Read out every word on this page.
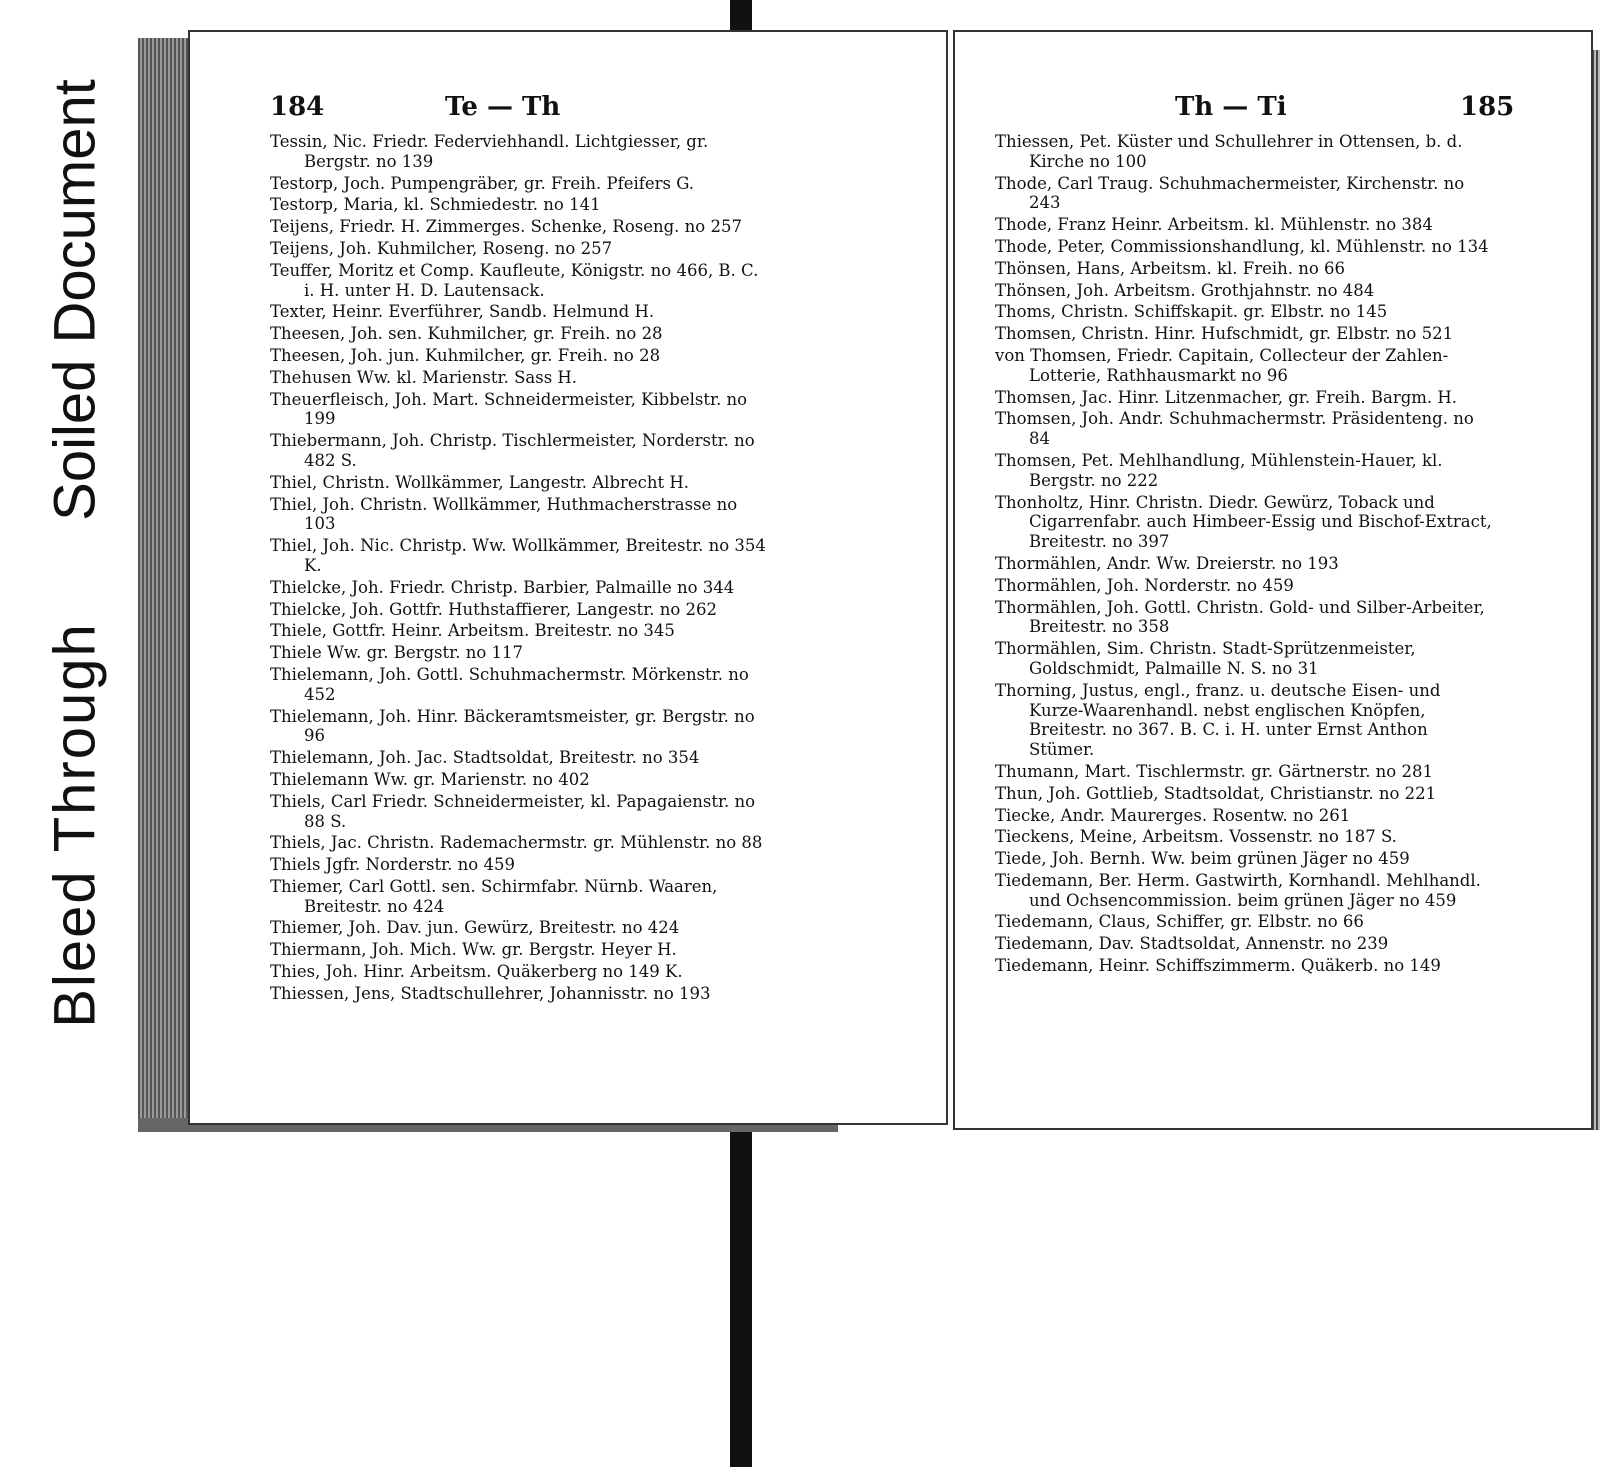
Soiled Document
Bleed Through
184	Te — Th
Tessin, Nic. Friedr. Federviehhandl. Lichtgiesser, gr. Bergstr. no 139
Testorp, Joch. Pumpengräber, gr. Freih. Pfeifers G.
Testorp, Maria, kl. Schmiedestr. no 141
Teijens, Friedr. H. Zimmerges. Schenke, Roseng. no 257
Teijens, Joh. Kuhmilcher, Roseng. no 257
Teuffer, Moritz et Comp. Kaufleute, Königstr. no 466, B. C. i. H. unter H. D. Lautensack.
Texter, Heinr. Everführer, Sandb. Helmund H.
Theesen, Joh. sen. Kuhmilcher, gr. Freih. no 28
Theesen, Joh. jun. Kuhmilcher, gr. Freih. no 28
Thehusen Ww. kl. Marienstr. Sass H.
Theuerfleisch, Joh. Mart. Schneidermeister, Kibbelstr. no 199
Thiebermann, Joh. Christp. Tischlermeister, Norderstr. no 482 S.
Thiel, Christn. Wollkämmer, Langestr. Albrecht H.
Thiel, Joh. Christn. Wollkämmer, Huthmacherstrasse no 103
Thiel, Joh. Nic. Christp. Ww. Wollkämmer, Breitestr. no 354 K.
Thielcke, Joh. Friedr. Christp. Barbier, Palmaille no 344
Thielcke, Joh. Gottfr. Huthstaffierer, Langestr. no 262
Thiele, Gottfr. Heinr. Arbeitsm. Breitestr. no 345
Thiele Ww. gr. Bergstr. no 117
Thielemann, Joh. Gottl. Schuhmachermstr. Mörkenstr. no 452
Thielemann, Joh. Hinr. Bäckeramtsmeister, gr. Bergstr. no 96
Thielemann, Joh. Jac. Stadtsoldat, Breitestr. no 354
Thielemann Ww. gr. Marienstr. no 402
Thiels, Carl Friedr. Schneidermeister, kl. Papagaienstr. no 88 S.
Thiels, Jac. Christn. Rademachermstr. gr. Mühlenstr. no 88
Thiels Jgfr. Norderstr. no 459
Thiemer, Carl Gottl. sen. Schirmfabr. Nürnb. Waaren, Breitestr. no 424
Thiemer, Joh. Dav. jun. Gewürz, Breitestr. no 424
Thiermann, Joh. Mich. Ww. gr. Bergstr. Heyer H.
Thies, Joh. Hinr. Arbeitsm. Quäkerberg no 149 K.
Thiessen, Jens, Stadtschullehrer, Johannisstr. no 193
Th — Ti	185
Thiessen, Pet. Küster und Schullehrer in Ottensen, b. d. Kirche no 100
Thode, Carl Traug. Schuhmachermeister, Kirchenstr. no 243
Thode, Franz Heinr. Arbeitsm. kl. Mühlenstr. no 384
Thode, Peter, Commissionshandlung, kl. Mühlenstr. no 134
Thönsen, Hans, Arbeitsm. kl. Freih. no 66
Thönsen, Joh. Arbeitsm. Grothjahnstr. no 484
Thoms, Christn. Schiffskapit. gr. Elbstr. no 145
Thomsen, Christn. Hinr. Hufschmidt, gr. Elbstr. no 521
von Thomsen, Friedr. Capitain, Collecteur der Zahlen-Lotterie, Rathhausmarkt no 96
Thomsen, Jac. Hinr. Litzenmacher, gr. Freih. Bargm. H.
Thomsen, Joh. Andr. Schuhmachermstr. Präsidenteng. no 84
Thomsen, Pet. Mehlhandlung, Mühlenstein-Hauer, kl. Bergstr. no 222
Thonholtz, Hinr. Christn. Diedr. Gewürz, Toback und Cigarrenfabr. auch Himbeer-Essig und Bischof-Extract, Breitestr. no 397
Thormählen, Andr. Ww. Dreierstr. no 193
Thormählen, Joh. Norderstr. no 459
Thormählen, Joh. Gottl. Christn. Gold- und Silber-Arbeiter, Breitestr. no 358
Thormählen, Sim. Christn. Stadt-Sprützenmeister, Goldschmidt, Palmaille N. S. no 31
Thorning, Justus, engl., franz. u. deutsche Eisen- und Kurze-Waarenhandl. nebst englischen Knöpfen, Breitestr. no 367. B. C. i. H. unter Ernst Anthon Stümer.
Thumann, Mart. Tischlermstr. gr. Gärtnerstr. no 281
Thun, Joh. Gottlieb, Stadtsoldat, Christianstr. no 221
Tiecke, Andr. Maurerges. Rosentw. no 261
Tieckens, Meine, Arbeitsm. Vossenstr. no 187 S.
Tiede, Joh. Bernh. Ww. beim grünen Jäger no 459
Tiedemann, Ber. Herm. Gastwirth, Kornhandl. Mehlhandl. und Ochsencommission. beim grünen Jäger no 459
Tiedemann, Claus, Schiffer, gr. Elbstr. no 66
Tiedemann, Dav. Stadtsoldat, Annenstr. no 239
Tiedemann, Heinr. Schiffszimmerm. Quäkerb. no 149
